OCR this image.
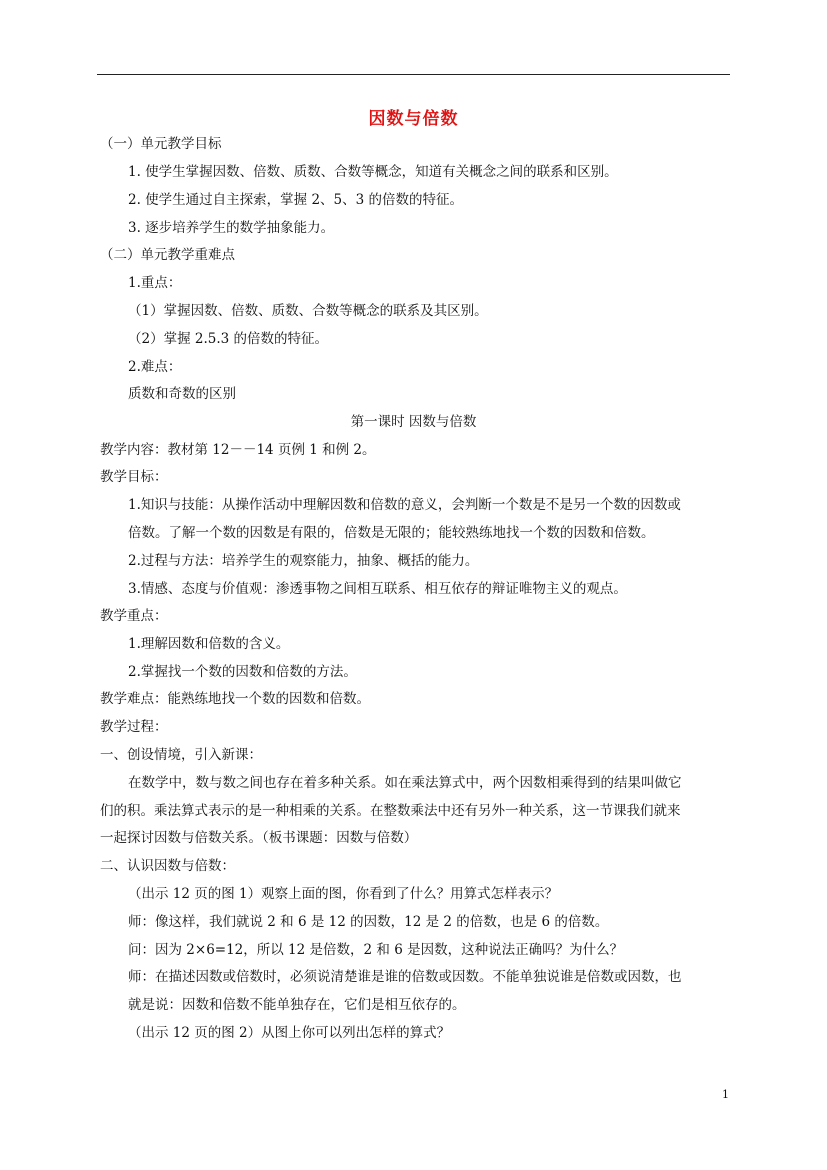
因数与倍数
（一）单元教学目标
1. 使学生掌握因数、倍数、质数、合数等概念，知道有关概念之间的联系和区别。
2. 使学生通过自主探索，掌握 2、5、3 的倍数的特征。
3. 逐步培养学生的数学抽象能力。
（二）单元教学重难点
1.重点：
（1）掌握因数、倍数、质数、合数等概念的联系及其区别。
（2）掌握 2.5.3 的倍数的特征。
2.难点：
质数和奇数的区别
第一课时 因数与倍数
教学内容：教材第 12－－14 页例 1 和例 2。
教学目标：
1.知识与技能：从操作活动中理解因数和倍数的意义，会判断一个数是不是另一个数的因数或
倍数。了解一个数的因数是有限的，倍数是无限的；能较熟练地找一个数的因数和倍数。
2.过程与方法：培养学生的观察能力，抽象、概括的能力。
3.情感、态度与价值观：渗透事物之间相互联系、相互依存的辩证唯物主义的观点。
教学重点：
1.理解因数和倍数的含义。
2.掌握找一个数的因数和倍数的方法。
教学难点：能熟练地找一个数的因数和倍数。
教学过程：
一、创设情境，引入新课：
在数学中，数与数之间也存在着多种关系。如在乘法算式中，两个因数相乘得到的结果叫做它
们的积。乘法算式表示的是一种相乘的关系。在整数乘法中还有另外一种关系，这一节课我们就来
一起探讨因数与倍数关系。（板书课题：因数与倍数）
二、认识因数与倍数：
（出示 12 页的图 1）观察上面的图，你看到了什么？用算式怎样表示？
师：像这样，我们就说 2 和 6 是 12 的因数，12 是 2 的倍数，也是 6 的倍数。
问：因为 2×6=12，所以 12 是倍数，2 和 6 是因数，这种说法正确吗？为什么？
师：在描述因数或倍数时，必须说清楚谁是谁的倍数或因数。不能单独说谁是倍数或因数，也
就是说：因数和倍数不能单独存在，它们是相互依存的。
（出示 12 页的图 2）从图上你可以列出怎样的算式？
1
